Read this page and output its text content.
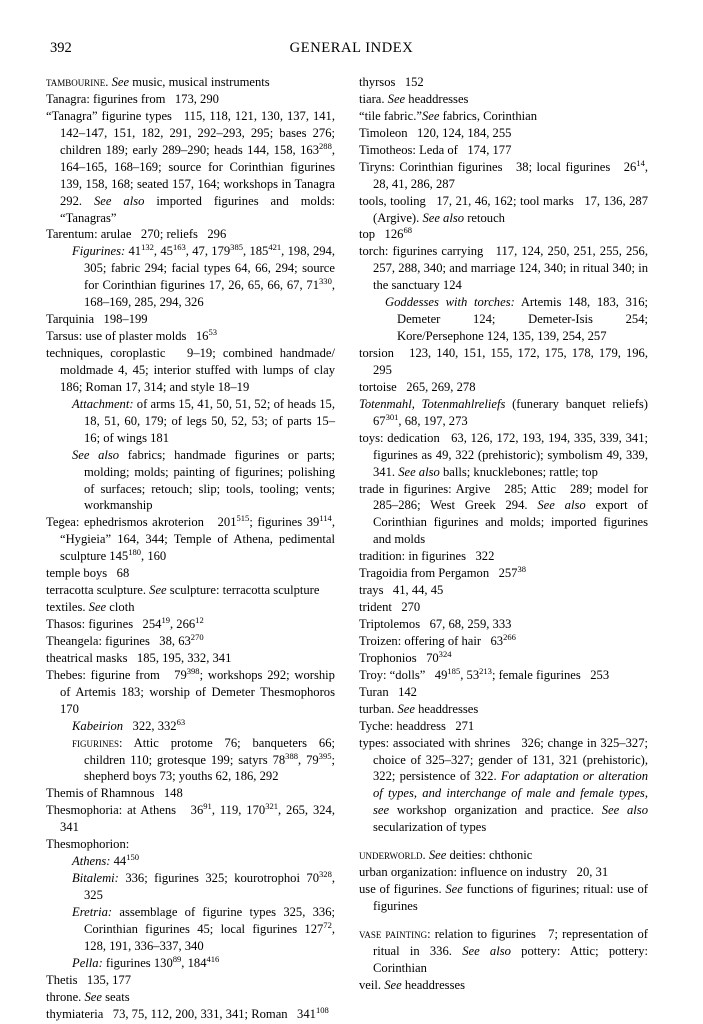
392	GENERAL INDEX

tambourine. See music, musical instruments

Tanagra: figurines from   173, 290

“Tanagra” figurine types   115, 118, 121, 130, 137, 141, 142–147, 151, 182, 291, 292–293, 295; bases 276; children 189; early 289–290; heads 144, 158, $163^{288}$, 164–165, 168–169; source for Corinthian figurines 139, 158, 168; seated 157, 164; workshops in Tanagra 292. See also imported figurines and molds: “Tanagras”

Tarentum: arulae   270; reliefs   296

Figurines: $41^{132}$, $45^{163}$, 47, $179^{385}$, $185^{421}$, 198, 294, 305; fabric 294; facial types 64, 66, 294; source for Corinthian figurines 17, 26, 65, 66, 67, $71^{330}$, 168–169, 285, 294, 326

Tarquinia   198–199

Tarsus: use of plaster molds   $16^{53}$

techniques, coroplastic   9–19; combined handmade/ moldmade 4, 45; interior stuffed with lumps of clay 186; Roman 17, 314; and style 18–19

Attachment: of arms 15, 41, 50, 51, 52; of heads 15, 18, 51, 60, 179; of legs 50, 52, 53; of parts 15–16; of wings 181

See also fabrics; handmade figurines or parts; molding; molds; painting of figurines; polishing of surfaces; retouch; slip; tools, tooling; vents; workmanship

Tegea: ephedrismos akroterion   $201^{515}$; figurines $39^{114}$, “Hygieia” 164, 344; Temple of Athena, pedimental sculpture $145^{180}$, 160

temple boys   68

terracotta sculpture. See sculpture: terracotta sculpture

textiles. See cloth

Thasos: figurines   $254^{19}$, $266^{12}$

Theangela: figurines   38, $63^{270}$

theatrical masks   185, 195, 332, 341

Thebes: figurine from   $79^{398}$; workshops 292; worship of Artemis 183; worship of Demeter Thesmophoros 170

Kabeirion   322, $332^{63}$

figurines: Attic protome 76; banqueters 66; children 110; grotesque 199; satyrs $78^{388}$, $79^{395}$; shepherd boys 73; youths 62, 186, 292

Themis of Rhamnous   148

Thesmophoria: at Athens   $36^{91}$, 119, $170^{321}$, 265, 324, 341

Thesmophorion:

Athens: $44^{150}$

Bitalemi: 336; figurines 325; kourotrophoi $70^{328}$, 325

Eretria: assemblage of figurine types 325, 336; Corinthian figurines 45; local figurines $127^{72}$, 128, 191, 336–337, 340

Pella: figurines $130^{89}$, $184^{416}$

Thetis   135, 177

throne. See seats

thymiateria   73, 75, 112, 200, 331, 341; Roman   $341^{108}$

thyrsos   152

tiara. See headdresses

“tile fabric.”See fabrics, Corinthian

Timoleon   120, 124, 184, 255

Timotheos: Leda of   174, 177

Tiryns: Corinthian figurines   38; local figurines   $26^{14}$, 28, 41, 286, 287

tools, tooling   17, 21, 46, 162; tool marks   17, 136, 287 (Argive). See also retouch

top   $126^{68}$

torch: figurines carrying   117, 124, 250, 251, 255, 256, 257, 288, 340; and marriage 124, 340; in ritual 340; in the sanctuary 124

Goddesses with torches: Artemis 148, 183, 316; Demeter 124; Demeter-Isis 254; Kore/Persephone 124, 135, 139, 254, 257

torsion   123, 140, 151, 155, 172, 175, 178, 179, 196, 295

tortoise   265, 269, 278

Totenmahl, Totenmahlreliefs (funerary banquet reliefs) $67^{301}$, 68, 197, 273

toys: dedication   63, 126, 172, 193, 194, 335, 339, 341; figurines as 49, 322 (prehistoric); symbolism 49, 339, 341. See also balls; knucklebones; rattle; top

trade in figurines: Argive   285; Attic   289; model for 285–286; West Greek 294. See also export of Corinthian figurines and molds; imported figurines and molds

tradition: in figurines   322

Tragoidia from Pergamon   $257^{38}$

trays   41, 44, 45

trident   270

Triptolemos   67, 68, 259, 333

Troizen: offering of hair   $63^{266}$

Trophonios   $70^{324}$

Troy: “dolls”   $49^{185}$, $53^{213}$; female figurines   253

Turan   142

turban. See headdresses

Tyche: headdress   271

types: associated with shrines   326; change in 325–327; choice of 325–327; gender of 131, 321 (prehistoric), 322; persistence of 322. For adaptation or alteration of types, and interchange of male and female types, see workshop organization and practice. See also secularization of types

underworld. See deities: chthonic

urban organization: influence on industry   20, 31

use of figurines. See functions of figurines; ritual: use of figurines

vase painting: relation to figurines   7; representation of ritual in 336. See also pottery: Attic; pottery: Corinthian

veil. See headdresses
